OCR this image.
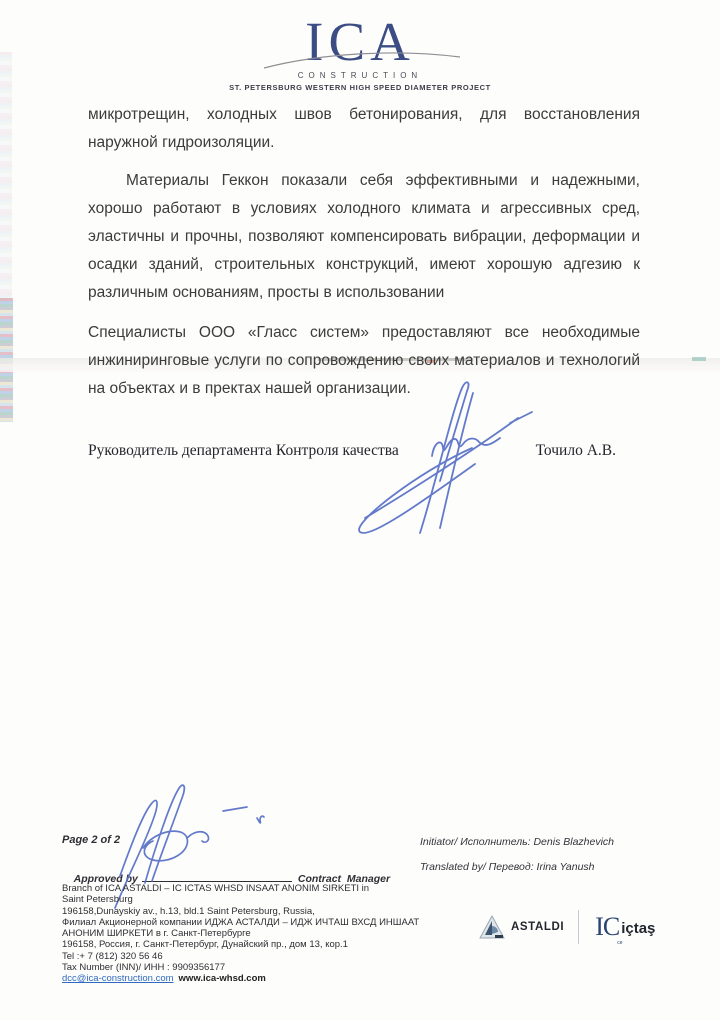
ICA
CONSTRUCTION
ST. PETERSBURG WESTERN HIGH SPEED DIAMETER PROJECT

микротрещин, холодных швов бетонирования, для восстановления наружной гидроизоляции.

Материалы Геккон показали себя эффективными и надежными, хорошо работают в условиях холодного климата и агрессивных сред, эластичны и прочны, позволяют компенсировать вибрации, деформации и осадки зданий, строительных конструкций, имеют хорошую адгезию к различным основаниям, просты в использовании

Специалисты ООО «Гласс систем» предоставляют все необходимые инжиниринговые услуги по сопровождению своих материалов и технологий на объектах и в пректах нашей организации.

Руководитель департамента Контроля качества	Точило А.В.
Page 2 of 2

Approved by	Contract  Manager

Initiator/ Исполнитель: Denis Blazhevich
Translated by/ Перевод: Irina Yanush
Branch of ICA ASTALDI – IC ICTAS WHSD INSAAT ANONIM SIRKETI in
Saint Petersburg
196158,Dunayskiy av., h.13, bld.1 Saint Petersburg, Russia,
Филиал Акционерной компании ИДЖА АСТАЛДИ – ИДЖ ИЧТАШ ВХСД ИНШААТ
АНОНИМ ШИРКЕТИ в г. Санкт-Петербурге
196158, Россия, г. Санкт-Петербург, Дунайский пр., дом 13, кор.1
Tel :+ 7 (812) 320 56 46
Tax Number (INN)/ ИНН : 9909356177
dcc@ica-construction.com www.ica-whsd.com
ASTALDI IC
ce
içtaş
